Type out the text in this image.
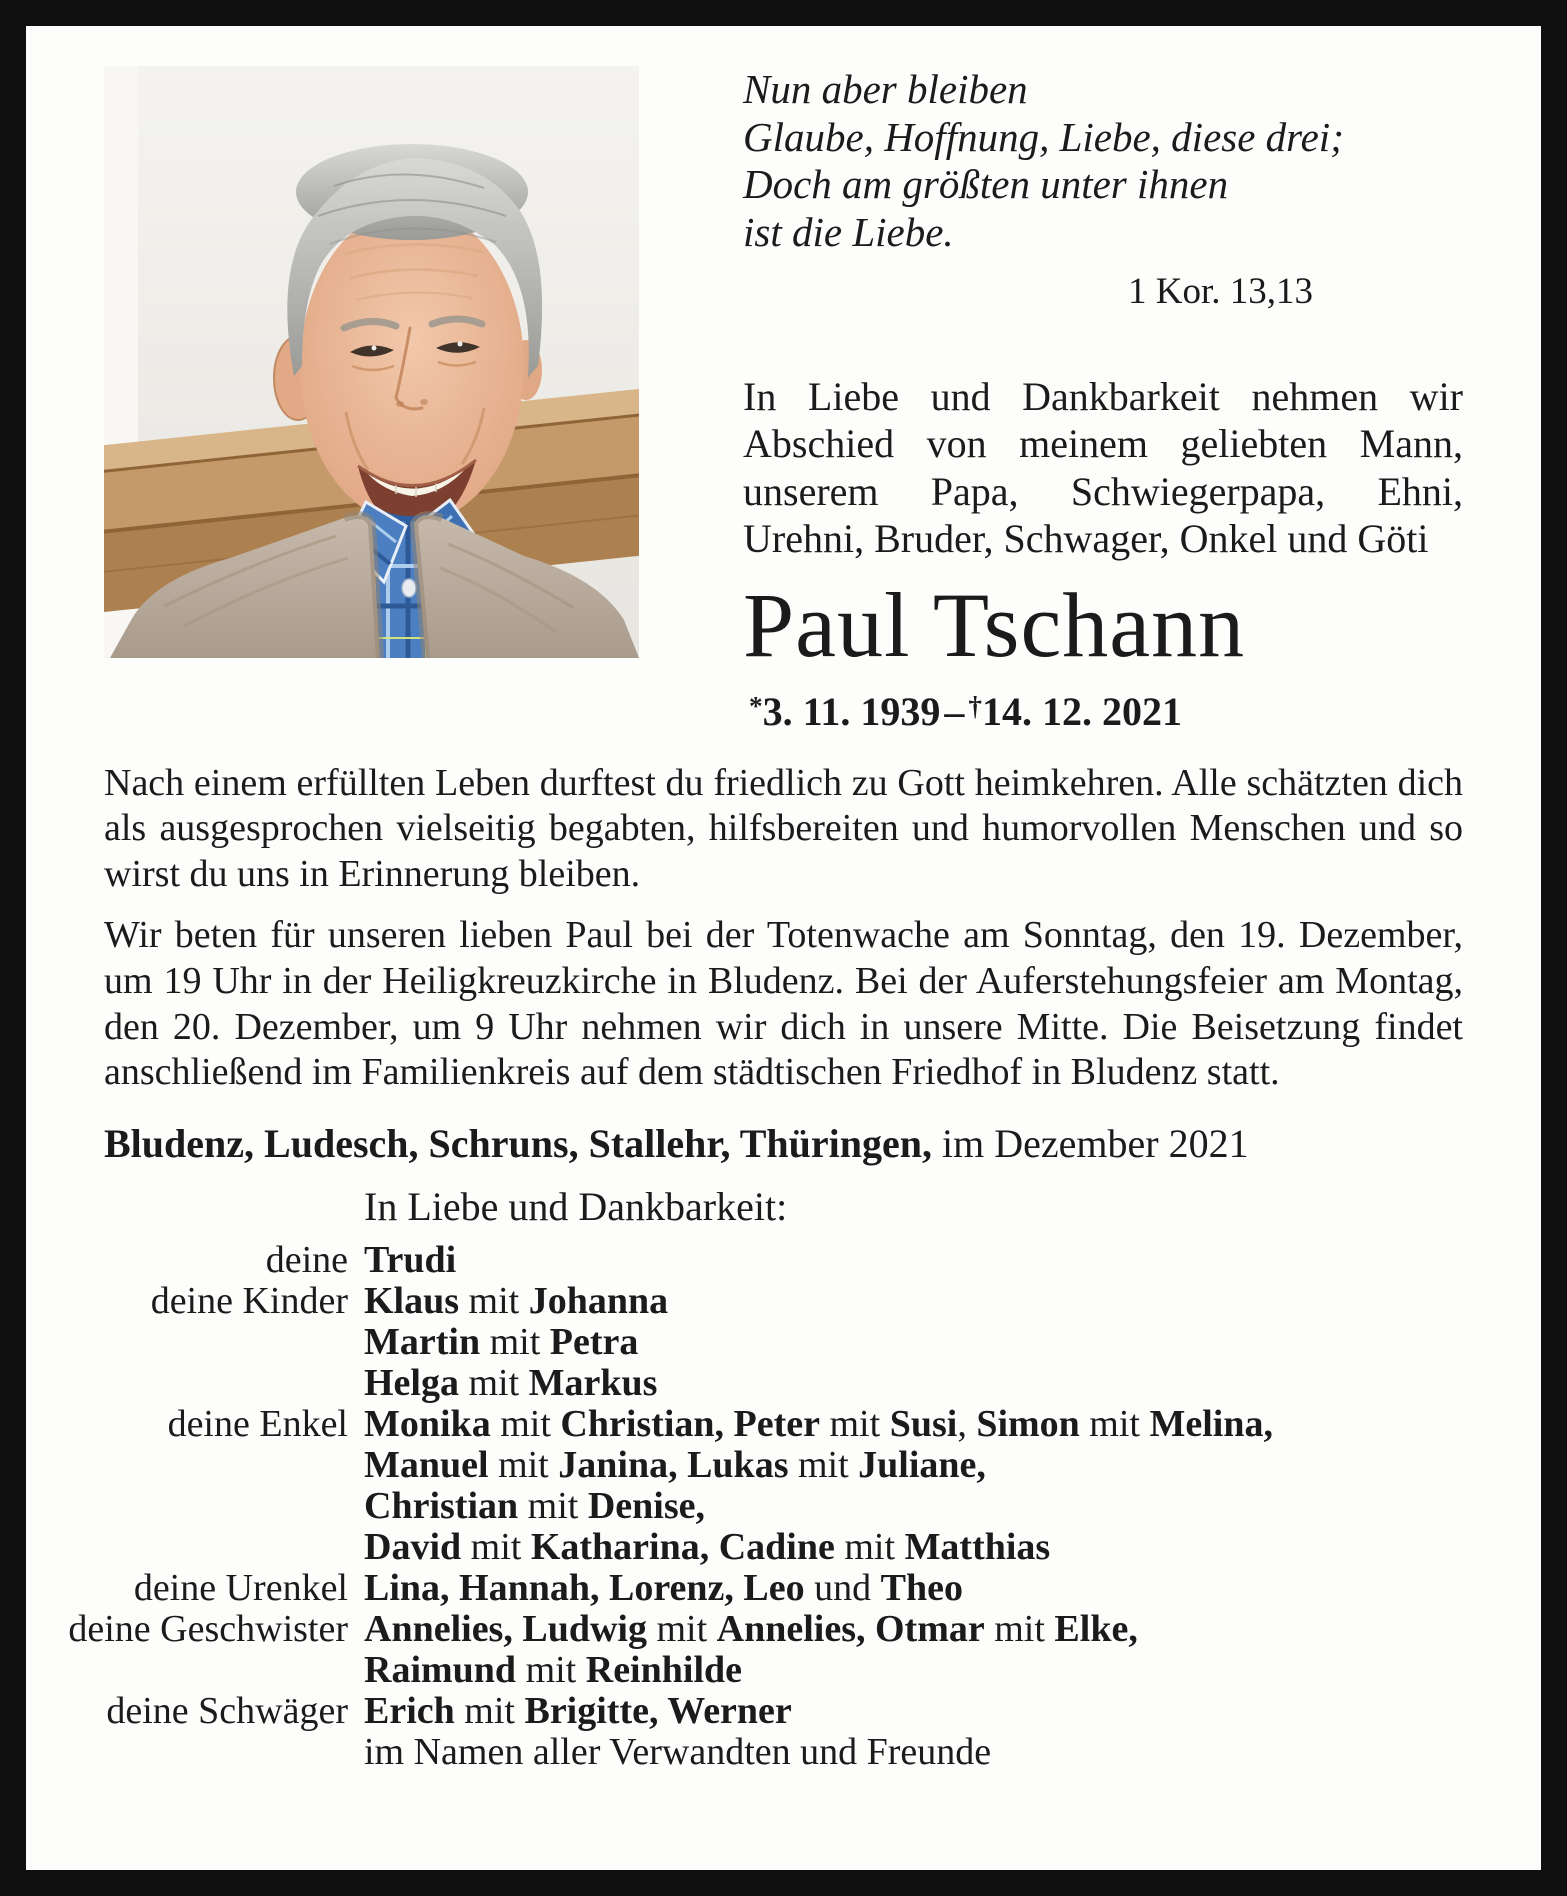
Nun aber bleiben
Glaube, Hoffnung, Liebe, diese drei;
Doch am größten unter ihnen
ist die Liebe.
1 Kor. 13,13

In Liebe und Dankbarkeit nehmen wir Abschied von meinem geliebten Mann, unserem Papa, Schwiegerpapa, Ehni, Urehni, Bruder, Schwager, Onkel und Göti

Paul Tschann
*3. 11. 1939 – †14. 12. 2021

Nach einem erfüllten Leben durftest du friedlich zu Gott heimkehren. Alle schätzten dich als ausgesprochen vielseitig begabten, hilfsbereiten und humorvollen Menschen und so wirst du uns in Erinnerung bleiben.

Wir beten für unseren lieben Paul bei der Totenwache am Sonntag, den 19. Dezember, um 19 Uhr in der Heiligkreuzkirche in Bludenz. Bei der Auferstehungsfeier am Montag, den 20. Dezember, um 9 Uhr nehmen wir dich in unsere Mitte. Die Beisetzung findet anschließend im Familienkreis auf dem städtischen Friedhof in Bludenz statt.

Bludenz, Ludesch, Schruns, Stallehr, Thüringen, im Dezember 2021

In Liebe und Dankbarkeit:

deine Trudi
deine Kinder Klaus mit Johanna
Martin mit Petra
Helga mit Markus
deine Enkel Monika mit Christian, Peter mit Susi, Simon mit Melina,
Manuel mit Janina, Lukas mit Juliane,
Christian mit Denise,
David mit Katharina, Cadine mit Matthias
deine Urenkel Lina, Hannah, Lorenz, Leo und Theo
deine Geschwister Annelies, Ludwig mit Annelies, Otmar mit Elke,
Raimund mit Reinhilde
deine Schwäger Erich mit Brigitte, Werner
im Namen aller Verwandten und Freunde
